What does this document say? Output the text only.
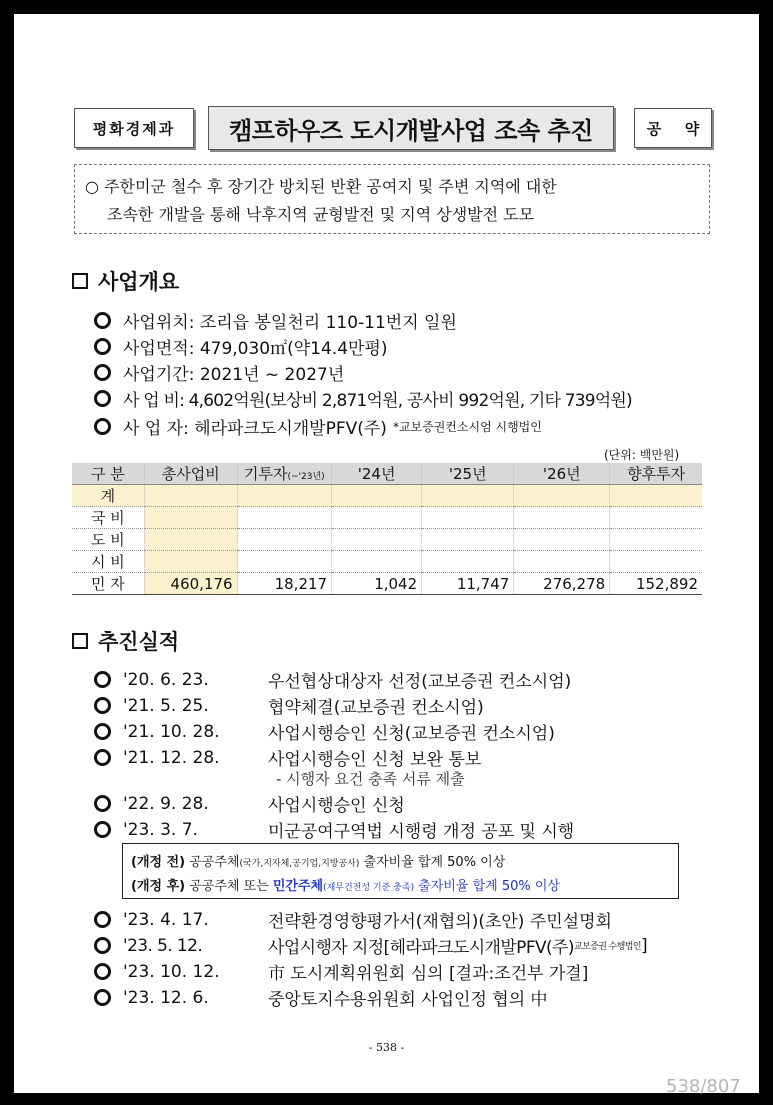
평화경제과	캠프하우즈 도시개발사업 조속 추진	공 약
○ 주한미군 철수 후 장기간 방치된 반환 공여지 및 주변 지역에 대한
조속한 개발을 통해 낙후지역 균형발전 및 지역 상생발전 도모
사업개요
사업위치: 조리읍 봉일천리 110-11번지 일원
사업면적: 479,030㎡(약14.4만평)
사업기간: 2021년 ~ 2027년
사 업 비: 4,602억원(보상비 2,871억원, 공사비 992억원, 기타 739억원)
사 업 자: 헤라파크도시개발PFV(주) *교보증권컨소시엄 시행법인
(단위: 백만원)
구 분	총사업비	기투자(~'23년)	'24년	'25년	'26년	향후투자
계						
국 비						
도 비						
시 비						
민 자	460,176	18,217	1,042	11,747	276,278	152,892
추진실적
'20. 6. 23.	우선협상대상자 선정(교보증권 컨소시엄)
'21. 5. 25.	협약체결(교보증권 컨소시엄)
'21. 10. 28.	사업시행승인 신청(교보증권 컨소시엄)
'21. 12. 28.	사업시행승인 신청 보완 통보
- 시행자 요건 충족 서류 제출
'22. 9. 28.	사업시행승인 신청
'23. 3. 7.	미군공여구역법 시행령 개정 공포 및 시행
(개정 전) 공공주체(국가,지자체,공기업,지방공사) 출자비율 합계 50% 이상
(개정 후) 공공주체 또는 민간주체(재무건전성 기준 충족) 출자비율 합계 50% 이상
'23. 4. 17.	전략환경영향평가서(재협의)(초안) 주민설명회
'23. 5. 12.	사업시행자 지정[헤라파크도시개발PFV(주) 교보증권 수행법인 ]
'23. 10. 12.	市 도시계획위원회 심의 [결과:조건부 가결]
'23. 12. 6.	중앙토지수용위원회 사업인정 협의 中
- 538 -
538/807
